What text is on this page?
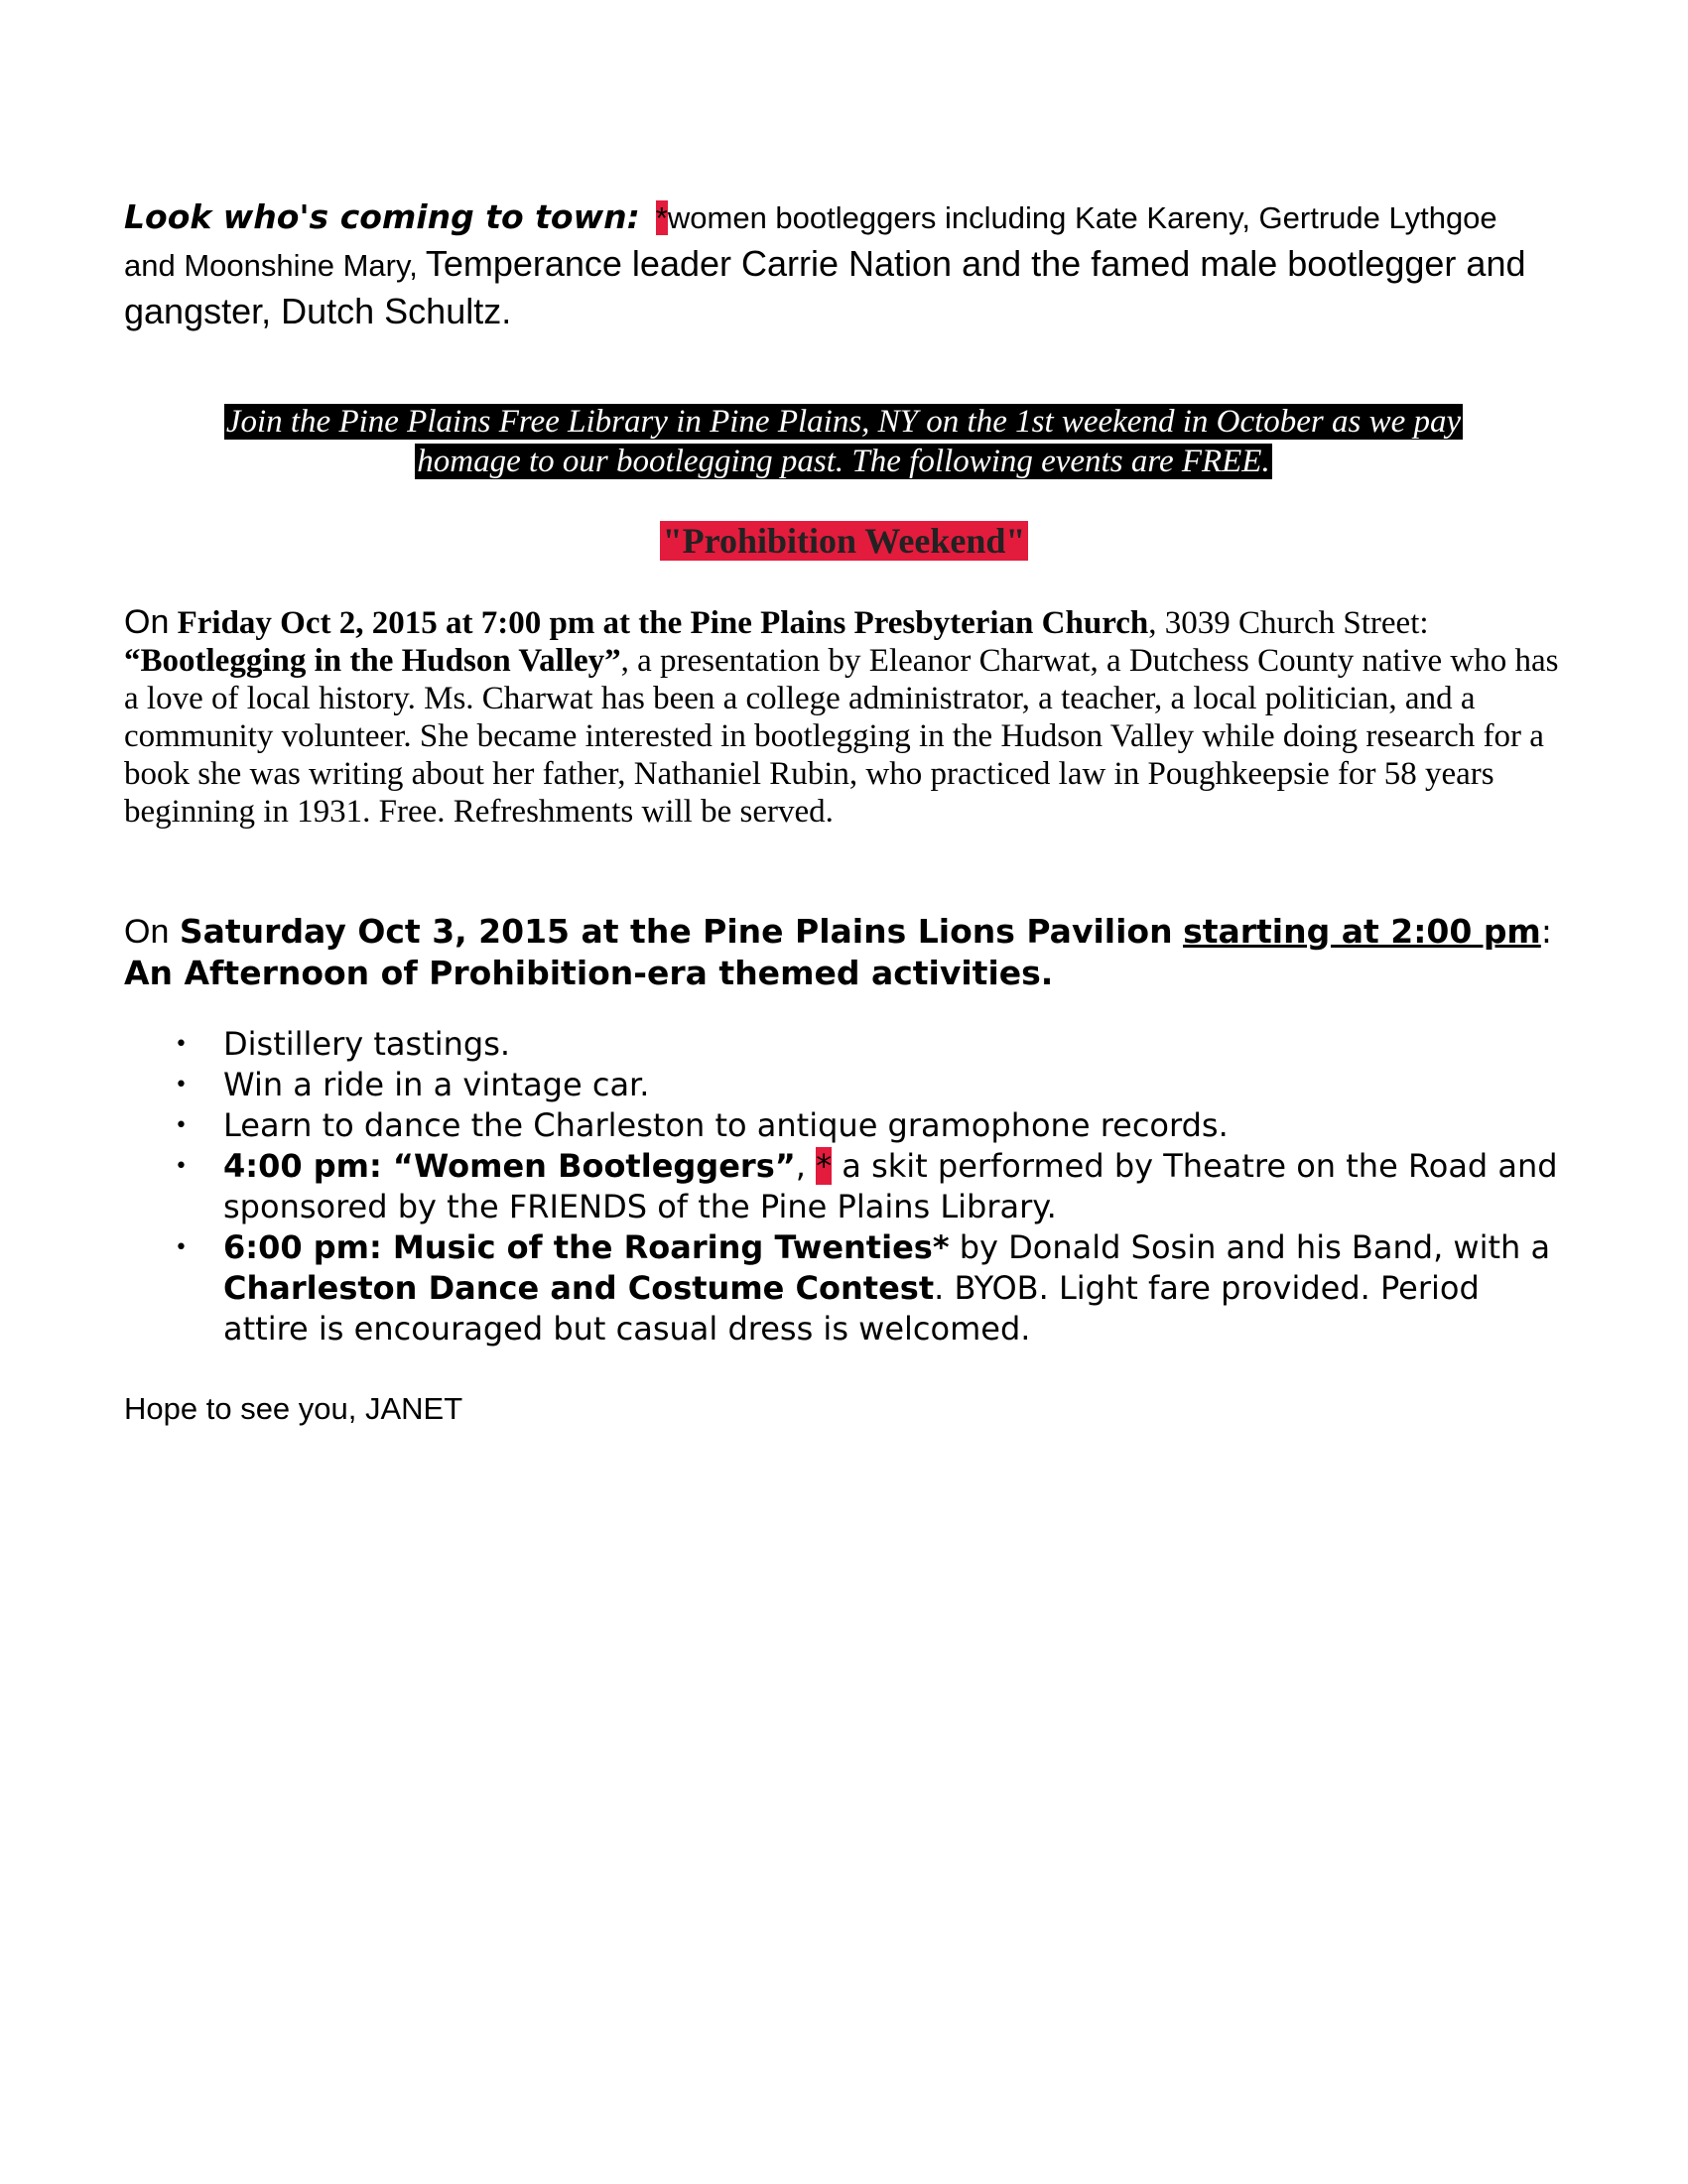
Look who's coming to town: *women bootleggers including Kate Kareny, Gertrude Lythgoe and Moonshine Mary, Temperance leader Carrie Nation and the famed male bootlegger and gangster, Dutch Schultz.

Join the Pine Plains Free Library in Pine Plains, NY on the 1st weekend in October as we pay
homage to our bootlegging past. The following events are FREE.

"Prohibition Weekend"

On Friday Oct 2, 2015 at 7:00 pm at the Pine Plains Presbyterian Church, 3039 Church Street: “Bootlegging in the Hudson Valley”, a presentation by Eleanor Charwat, a Dutchess County native who has a love of local history. Ms. Charwat has been a college administrator, a teacher, a local politician, and a community volunteer. She became interested in bootlegging in the Hudson Valley while doing research for a book she was writing about her father, Nathaniel Rubin, who practiced law in Poughkeepsie for 58 years beginning in 1931. Free. Refreshments will be served.

On Saturday Oct 3, 2015 at the Pine Plains Lions Pavilion starting at 2:00 pm: An Afternoon of Prohibition-era themed activities.

• Distillery tastings.
• Win a ride in a vintage car.
• Learn to dance the Charleston to antique gramophone records.
• 4:00 pm: “Women Bootleggers”, * a skit performed by Theatre on the Road and sponsored by the FRIENDS of the Pine Plains Library.
• 6:00 pm: Music of the Roaring Twenties* by Donald Sosin and his Band, with a Charleston Dance and Costume Contest. BYOB. Light fare provided. Period attire is encouraged but casual dress is welcomed.

Hope to see you, JANET
